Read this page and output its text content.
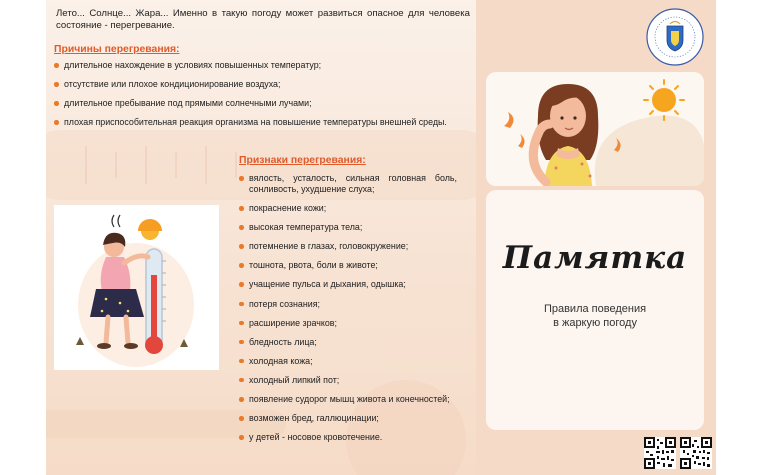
Лето... Солнце... Жара... Именно в такую погоду может развиться опасное для человека состояние - перегревание.

Причины перегревания:

длительное нахождение в условиях повышенных температур;
отсутствие или плохое кондиционирование воздуха;
длительное пребывание под прямыми солнечными лучами;
плохая приспособительная реакция организма на повышение температуры внешней среды.

Признаки перегревания:

вялость, усталость, сильная головная боль, сонливость, ухудшение слуха;
покраснение кожи;
высокая температура тела;
потемнение в глазах, головокружение;
тошнота, рвота, боли в животе;
учащение пульса и дыхания, одышка;
потеря сознания;
расширение зрачков;
бледность лица;
холодная кожа;
холодный липкий пот;
появление судорог мышц живота и конечностей;
возможен бред, галлюцинации;
у детей - носовое кровотечение.

Памятка

Правила поведения
в жаркую погоду
